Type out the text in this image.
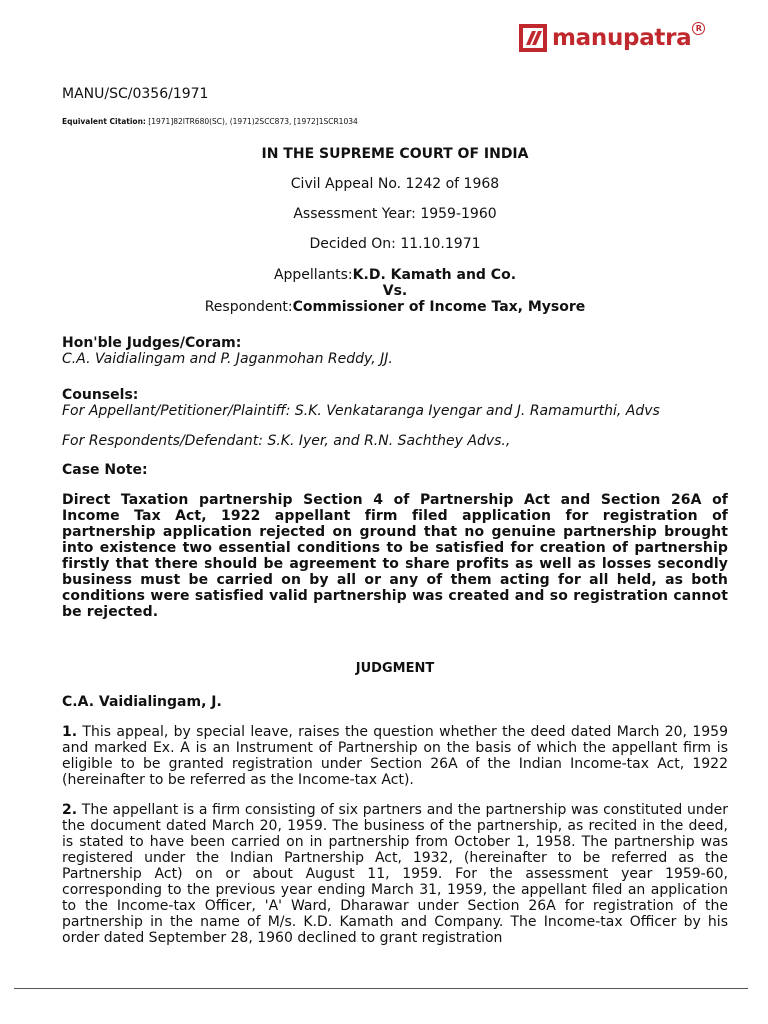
manupatra R

MANU/SC/0356/1971

Equivalent Citation: [1971]82ITR680(SC), (1971)2SCC873, [1972]1SCR1034

IN THE SUPREME COURT OF INDIA
Civil Appeal No. 1242 of 1968
Assessment Year: 1959-1960
Decided On: 11.10.1971
Appellants:K.D. Kamath and Co.
Vs.
Respondent:Commissioner of Income Tax, Mysore
Hon'ble Judges/Coram:
C.A. Vaidialingam and P. Jaganmohan Reddy, JJ.
Counsels:
For Appellant/Petitioner/Plaintiff: S.K. Venkataranga Iyengar and J. Ramamurthi, Advs
For Respondents/Defendant: S.K. Iyer, and R.N. Sachthey Advs.,
Case Note:
Direct Taxation partnership Section 4 of Partnership Act and Section 26A of Income Tax Act, 1922 appellant firm filed application for registration of partnership application rejected on ground that no genuine partnership brought into existence two essential conditions to be satisfied for creation of partnership firstly that there should be agreement to share profits as well as losses secondly business must be carried on by all or any of them acting for all held, as both conditions were satisfied valid partnership was created and so registration cannot be rejected.
JUDGMENT
C.A. Vaidialingam, J.
1. This appeal, by special leave, raises the question whether the deed dated March 20, 1959 and marked Ex. A is an Instrument of Partnership on the basis of which the appellant firm is eligible to be granted registration under Section 26A of the Indian Income-tax Act, 1922 (hereinafter to be referred as the Income-tax Act).
2. The appellant is a firm consisting of six partners and the partnership was constituted under the document dated March 20, 1959. The business of the partnership, as recited in the deed, is stated to have been carried on in partnership from October 1, 1958. The partnership was registered under the Indian Partnership Act, 1932, (hereinafter to be referred as the Partnership Act) on or about August 11, 1959. For the assessment year 1959-60, corresponding to the previous year ending March 31, 1959, the appellant filed an application to the Income-tax Officer, 'A' Ward, Dharawar under Section 26A for registration of the partnership in the name of M/s. K.D. Kamath and Company. The Income-tax Officer by his order dated September 28, 1960 declined to grant registration
